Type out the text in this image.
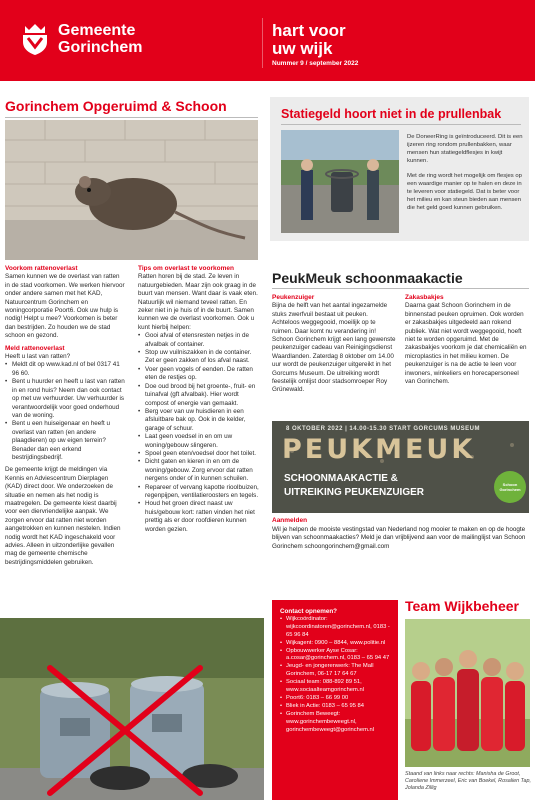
Gemeente
Gorinchem
hart voor
uw wijk
Nummer 9 / september 2022
Gorinchem Opgeruimd & Schoon
Voorkom rattenoverlast

Samen kunnen we de overlast van ratten in de stad voorkomen. We werken hiervoor onder andere samen met het KAD, Natuurcentrum Gorinchem en woningcorporatie Poort6. Ook uw hulp is nodig! Helpt u mee? Voorkomen is beter dan bestrijden. Zo houden we de stad schoon en gezond.

Meld rattenoverlast
Heeft u last van ratten?
• Meldt dit op www.kad.nl of bel 0317 41 96 60.
• Bent u huurder en heeft u last van ratten in en rond huis? Neem dan ook contact op met uw verhuurder. Uw verhuurder is verantwoordelijk voor goed onderhoud van de woning.
• Bent u een huiseigenaar en heeft u overlast van ratten (en andere plaagdieren) op uw eigen terrein? Benader dan een erkend bestrijdingsbedrijf.

De gemeente krijgt de meldingen via Kennis en Adviescentrum Dierplagen (KAD) direct door. We onderzoeken de situatie en nemen als het nodig is maatregelen. De gemeente kiest daarbij voor een diervriendelijke aanpak. We zorgen ervoor dat ratten niet worden aangetrokken en kunnen nestelen. Indien nodig wordt het KAD ingeschakeld voor advies. Alleen in uitzonderlijke gevallen mag de gemeente chemische bestrijdingsmiddelen gebruiken.

Tips om overlast te voorkomen
Ratten horen bij de stad. Ze leven in natuurgebieden. Maar zijn ook graag in de buurt van mensen. Want daar is vaak eten. Natuurlijk wil niemand teveel ratten. En zeker niet in je huis of in de buurt. Samen kunnen we de overlast voorkomen. Ook u kunt hierbij helpen:
• Gooi afval of etensresten netjes in de afvalbak of container.
• Stop uw vuilniszakken in de container. Zet er geen zakken of los afval naast.
• Voer geen vogels of eenden. De ratten eten de restjes op.
• Doe oud brood bij het groente-, fruit- en tuinafval (gft afvalbak). Hier wordt compost of energie van gemaakt.
• Berg voer van uw huisdieren in een afsluitbare bak op. Ook in de kelder, garage of schuur.
• Laat geen voedsel in en om uw woning/gebouw slingeren.
• Spoel geen eten/voedsel door het toilet.
• Dicht gaten en kieren in en om de woning/gebouw. Zorg ervoor dat ratten nergens onder of in kunnen schuilen.
• Repareer of vervang kapotte rioolbuizen, regenpijpen, ventilatieroosters en tegels.
• Houd het groen direct naast uw huis/gebouw kort: ratten vinden het niet prettig als er door roofdieren kunnen worden gezien.
Statiegeld hoort niet in de prullenbak

De DoneerRing is geïntroduceerd. Dit is een ijzeren ring rondom prullenbakken, waar mensen hun statiegeldflesjes in kwijt kunnen.

Met de ring wordt het mogelijk om flesjes op een waardige manier op te halen en deze in te leveren voor statiegeld. Dat is beter voor het milieu en kan steun bieden aan mensen die het geld goed kunnen gebruiken.

PeukMeuk schoonmaakactie
Peukenzuiger
Bijna de helft van het aantal ingezamelde stuks zwerfvuil bestaat uit peuken. Achteloos weggegooid, moeilijk op te ruimen. Daar komt nu verandering in! Schoon Gorinchem krijgt een lang gewenste peukenzuiger cadeau van Reinigingsdienst Waardlanden. Zaterdag 8 oktober om 14.00 uur wordt de peukenzuiger uitgereikt in het Gorcums Museum. De uitreiking wordt feestelijk omlijst door stadsomroeper Roy Grünewald.
Zakasbakjes
Daarna gaat Schoon Gorinchem in de binnenstad peuken opruimen. Ook worden er zakasbakjes uitgedeeld aan rokend publiek. Wat niet wordt weggegooid, hoeft niet te worden opgeruimd. Met de zakasbakjes voorkom je dat chemicaliën en microplastics in het milieu komen. De peukenzuiger is na de actie te leen voor inwoners, winkeliers en horecapersoneel van Gorinchem.
8 OKTOBER 2022 | 14.00-15.30 START GORCUMS MUSEUM
PEUKMEUK
SCHOONMAAKACTIE &
UITREIKING PEUKENZUIGER
Schoon Gorinchem
Aanmelden
Wil je helpen de mooiste vestingstad van Nederland nog mooier te maken en op de hoogte blijven van schoonmaakacties? Meld je dan vrijblijvend aan voor de mailinglijst van Schoon Gorinchem schoongorinchem@gmail.com
Contact opnemen?
• Wijkcoördinator: wijkcoordinatoren@gorinchem.nl, 0183 - 65 96 84
• Wijkagent: 0900 – 8844, www.politie.nl
• Opbouwwerker Ayse Cosar: a.cosar@gorinchem.nl, 0183 – 65 94 47
• Jeugd- en jongerenwerk: The Mall Gorinchem, 06-17 17 64 67
• Sociaal team: 088-892 89 51, www.sociaalteamgorinchem.nl
• Poort6: 0183 – 66 99 00
• Bliek in Actie: 0183 – 65 95 84
• Gorinchem Beweegt: www.gorinchembeweegt.nl, gorinchembeweegt@gorinchem.nl
Team Wijkbeheer
Staand van links naar rechts: Manisha de Groot, Caroliene Immerzeel, Eric van Boekel, Rosalien Tap, Jolanda Zillig
